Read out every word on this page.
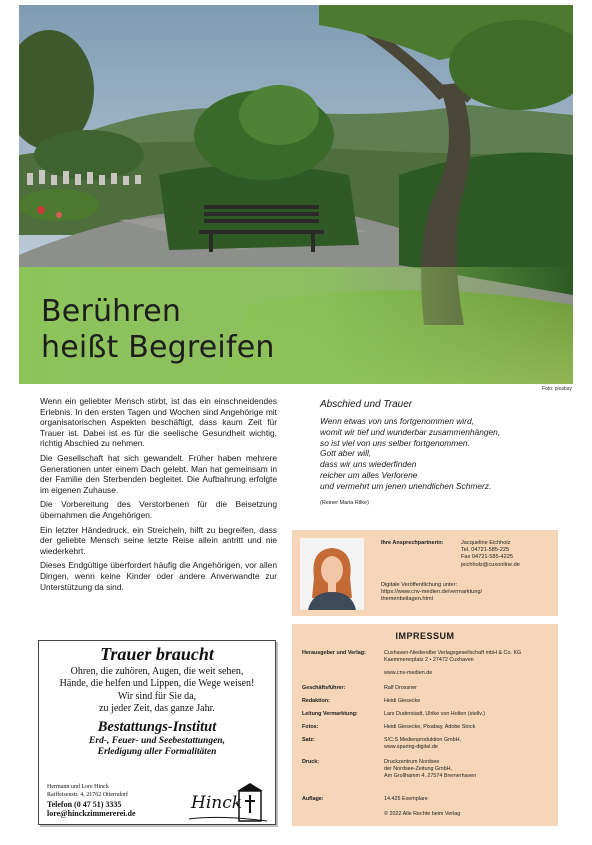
Berühren
heißt Begreifen
Foto: pixabay

Wenn ein geliebter Mensch stirbt, ist das ein einschneidendes Erlebnis. In den ersten Tagen und Wochen sind Angehörige mit organisatorischen Aspekten beschäftigt, dass kaum Zeit für Trauer ist. Dabei ist es für die seelische Gesundheit wichtig, richtig Abschied zu nehmen.

Die Gesellschaft hat sich gewandelt. Früher haben mehrere Generationen unter einem Dach gelebt. Man hat gemeinsam in der Familie den Sterbenden begleitet. Die Aufbahrung erfolgte im eigenen Zuhause.

Die Vorbereitung des Verstorbenen für die Beisetzung übernahmen die Angehörigen.

Ein letzter Händedruck, ein Streicheln, hilft zu begreifen, dass der geliebte Mensch seine letzte Reise allein antritt und nie wiederkehrt.

Dieses Endgültige überfordert häufig die Angehörigen, vor allen Dingen, wenn keine Kinder oder andere Anverwandte zur Unterstützung da sind.

Abschied und Trauer
Wenn etwas von uns fortgenommen wird,
womit wir tief und wunderbar zusammenhängen,
so ist viel von uns selber fortgenommen.
Gott aber will,
dass wir uns wiederfinden
reicher um alles Verlorene
und vermehrt um jenen unendlichen Schmerz.
(Reiner Maria Rilke)
Ihre Ansprechpartnerin:	Jacqueline Eichholz
Tel. 04721-585-225
Fax 04721-585-4225
jeichholz@cuxonline.de
Digitale Veröffentlichung unter:
https://www.cnv-medien.de/vermarktung/
themenbeilagen.html
IMPRESSUM
Herausgeber und Verlag:	Cuxhaven-Niederelbe Verlagsgesellschaft mbH & Co. KG
Kaemmererplatz 2 • 27472 Cuxhaven

www.cnv-medien.de
Geschäftsführer:	Ralf Drossner
Redaktion:	Heidi Giesecke
Leitung Vermarktung:	Lars Duderstadt, Ulrike von Holten (stellv.)
Fotos:	Heidi Giesecke, Pixabay, Adobe Stock
Satz:	S!C:S Medienproduktion GmbH,
www.sparing-digital.de
Druck:	Druckzentrum Nordsee
der Nordsee-Zeitung GmbH,
Am Grollhamm 4, 27574 Bremerhaven
Auflage:	14.425 Exemplare
© 2022 Alle Rechte beim Verlag
Trauer braucht
Ohren, die zuhören, Augen, die weit sehen,
Hände, die helfen und Lippen, die Wege weisen!
Wir sind für Sie da,
zu jeder Zeit, das ganze Jahr.
Bestattungs-Institut
Erd-, Feuer- und Seebestattungen,
Erledigung aller Formalitäten
Hermann und Lore Hinck
Raiffeisenstr. 4, 21762 Otterndorf
Telefon (0 47 51) 3335
lore@hinckzimmererei.de
Hinck
